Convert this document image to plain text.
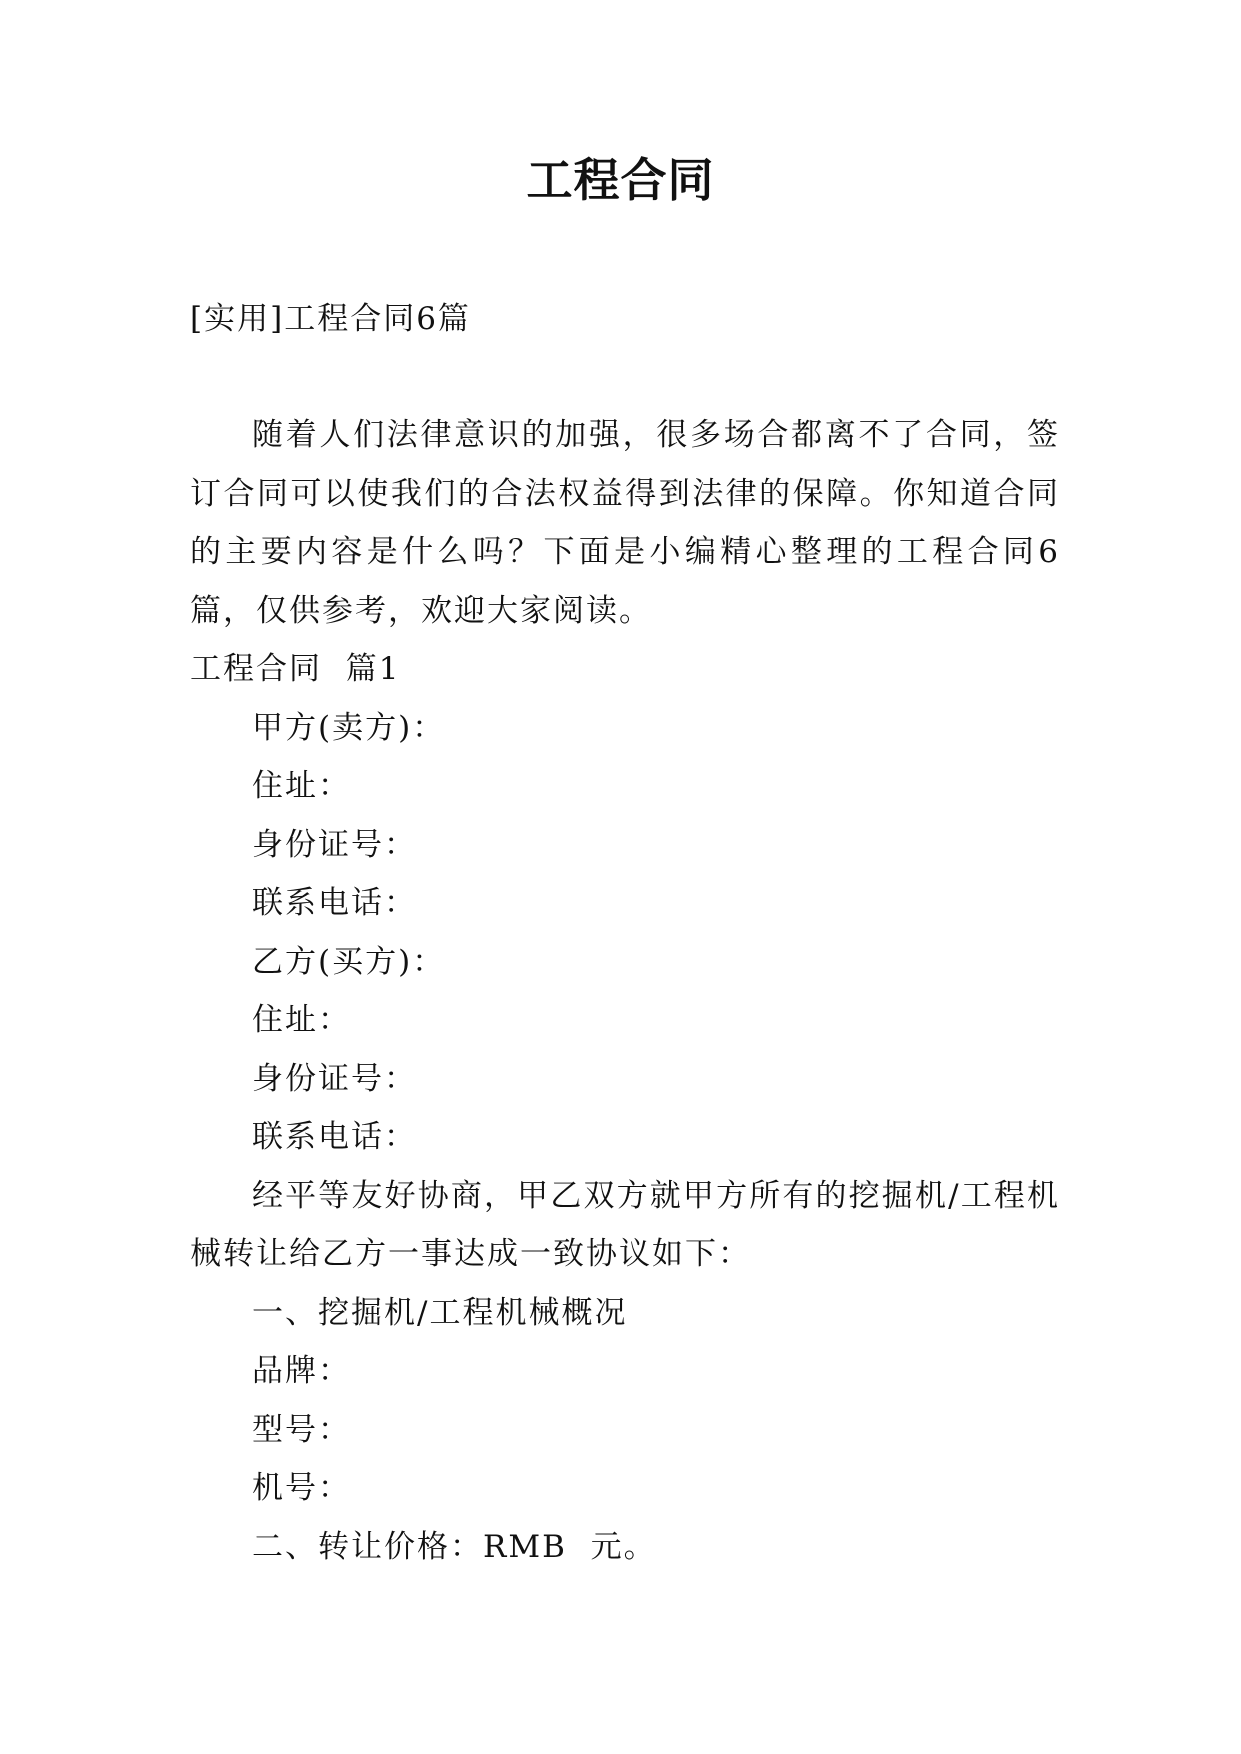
工程合同

[实用]工程合同6篇

随着人们法律意识的加强，很多场合都离不了合同，签订合同可以使我们的合法权益得到法律的保障。你知道合同的主要内容是什么吗？下面是小编精心整理的工程合同6篇，仅供参考，欢迎大家阅读。

工程合同  篇1

甲方(卖方)：

住址：

身份证号：

联系电话：

乙方(买方)：

住址：

身份证号：

联系电话：

经平等友好协商，甲乙双方就甲方所有的挖掘机/工程机械转让给乙方一事达成一致协议如下：

一、挖掘机/工程机械概况

品牌：

型号：

机号：

二、转让价格：RMB  元。
